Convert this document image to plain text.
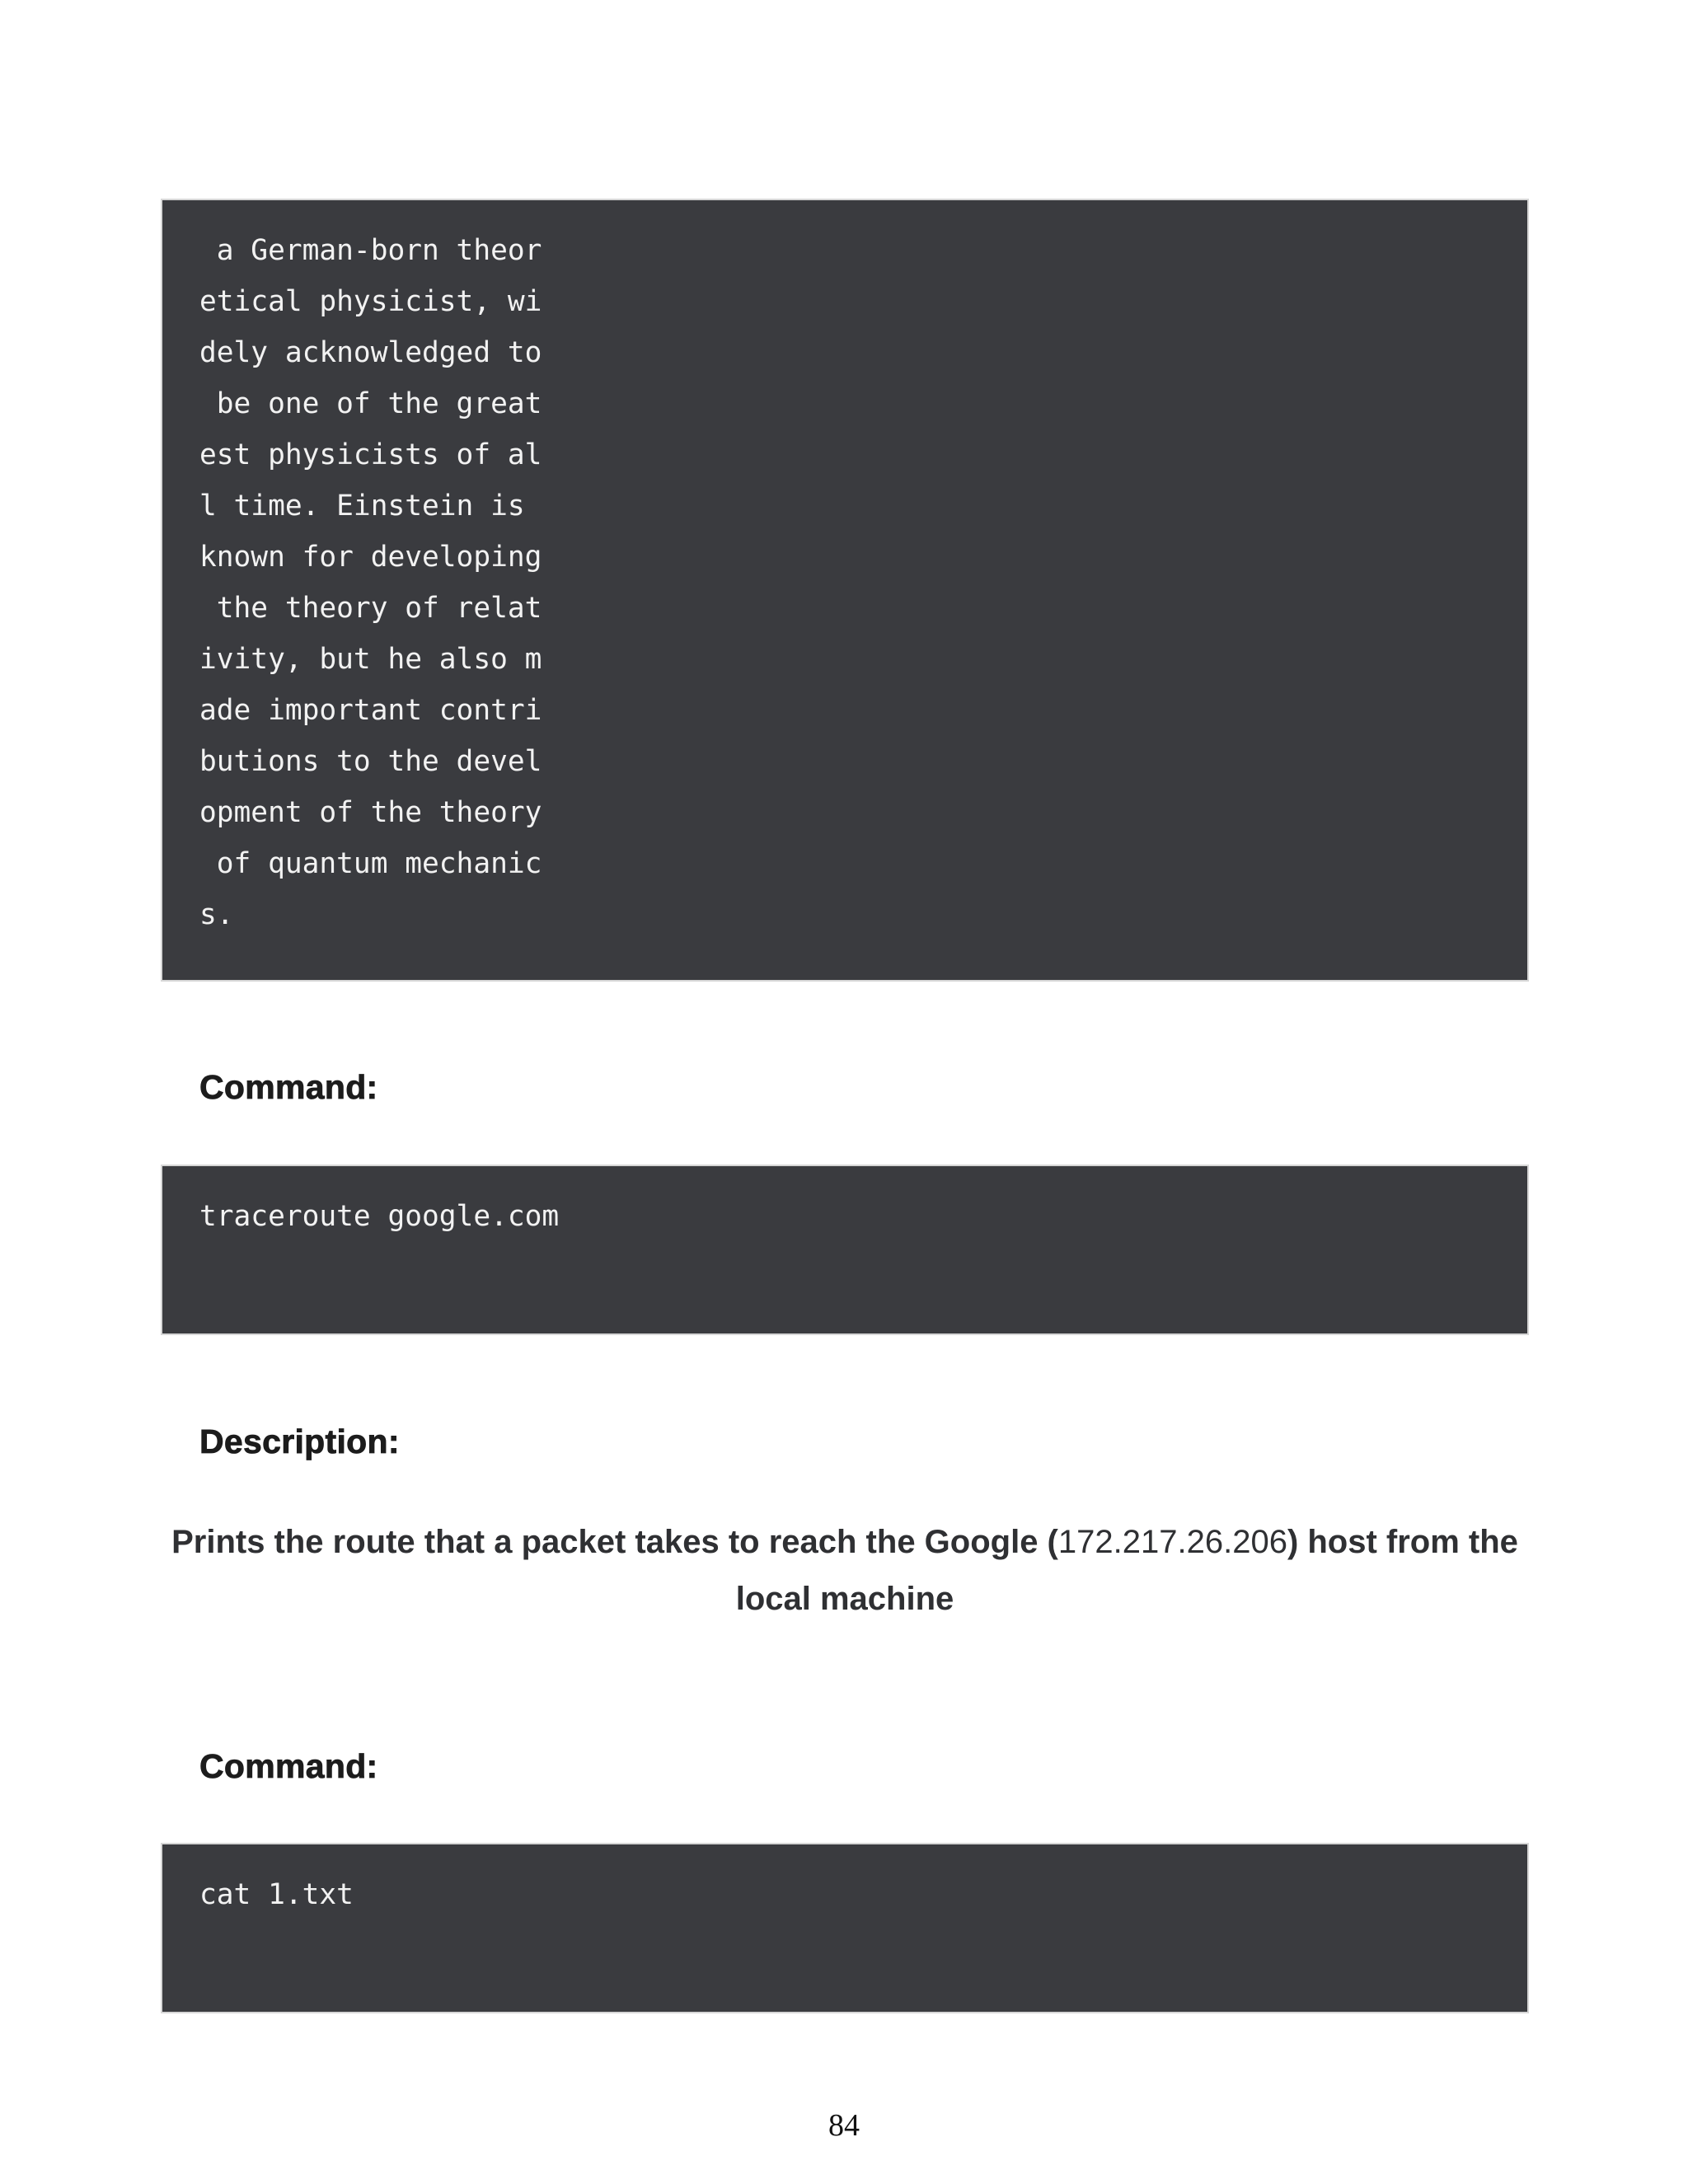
a German-born theor
etical physicist, wi
dely acknowledged to
be one of the great
est physicists of al
l time. Einstein is
known for developing
the theory of relat
ivity, but he also m
ade important contri
butions to the devel
opment of the theory
of quantum mechanic
s.
Command:
traceroute google.com
Description:

Prints the route that a packet takes to reach the Google (172.217.26.206) host from the local machine

Command:
cat 1.txt
84
